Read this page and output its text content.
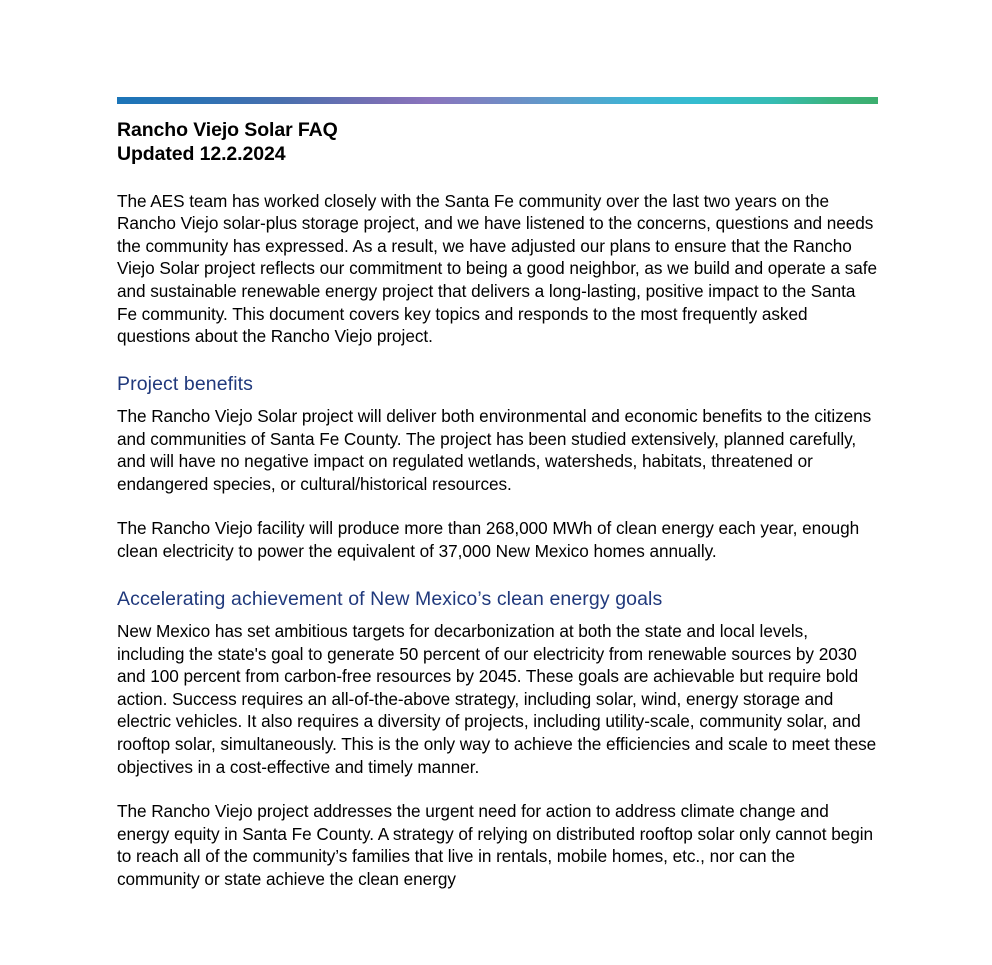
Rancho Viejo Solar FAQ
Updated 12.2.2024

The AES team has worked closely with the Santa Fe community over the last two years on the Rancho Viejo solar-plus storage project, and we have listened to the concerns, questions and needs the community has expressed. As a result, we have adjusted our plans to ensure that the Rancho Viejo Solar project reflects our commitment to being a good neighbor, as we build and operate a safe and sustainable renewable energy project that delivers a long-lasting, positive impact to the Santa Fe community. This document covers key topics and responds to the most frequently asked questions about the Rancho Viejo project.

Project benefits

The Rancho Viejo Solar project will deliver both environmental and economic benefits to the citizens and communities of Santa Fe County. The project has been studied extensively, planned carefully, and will have no negative impact on regulated wetlands, watersheds, habitats, threatened or endangered species, or cultural/historical resources.

The Rancho Viejo facility will produce more than 268,000 MWh of clean energy each year, enough clean electricity to power the equivalent of 37,000 New Mexico homes annually.

Accelerating achievement of New Mexico’s clean energy goals

New Mexico has set ambitious targets for decarbonization at both the state and local levels, including the state's goal to generate 50 percent of our electricity from renewable sources by 2030 and 100 percent from carbon-free resources by 2045. These goals are achievable but require bold action. Success requires an all-of-the-above strategy, including solar, wind, energy storage and electric vehicles. It also requires a diversity of projects, including utility-scale, community solar, and rooftop solar, simultaneously. This is the only way to achieve the efficiencies and scale to meet these objectives in a cost-effective and timely manner.

The Rancho Viejo project addresses the urgent need for action to address climate change and energy equity in Santa Fe County. A strategy of relying on distributed rooftop solar only cannot begin to reach all of the community’s families that live in rentals, mobile homes, etc., nor can the community or state achieve the clean energy
